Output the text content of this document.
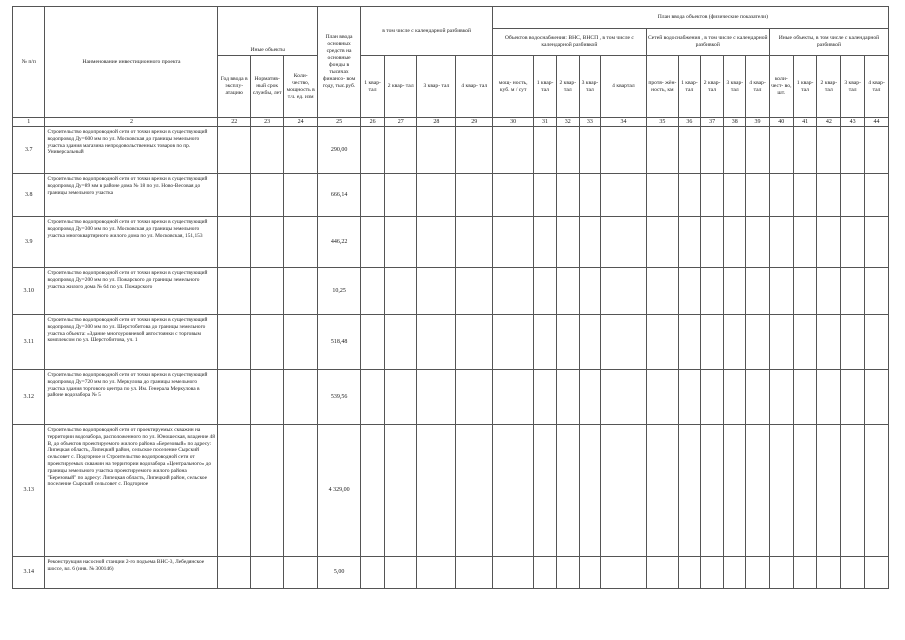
№ п/п	Наименование инвестиционного проекта	Иные объекты			План ввода основных средств на основные фонды в тысячах финансо- вом году, тыс.руб.	в том числе с календарной разбивкой				План ввода объектов (физические показатели)														
										Объектов водоснабжения: ВНС, ВНСП , в том числе с календарной разбивкой					Сетей водоснабжения , в том числе с календарной разбивкой					Иные объекты, в том числе с календарной разбивкой				
		Год ввода в эксплу- атацию	Норматив- ный срок службы, лет	Коли- чество, мощность в т.ч. ед. изм		1 квар- тал	2 квар- тал	3 квар- тал	4 квар- тал	мощ- ность, куб. м / сут	1 квар- тал	2 квар- тал	3 квар- тал	4 квартал	протя- жён- ность, км	1 квар- тал	2 квар- тал	3 квар- тал	4 квар- тал	коли- чест- во, шт.	1 квар- тал	2 квар- тал	3 квар- тал	4 квар- тал
1	2	22	23	24	25	26	27	28	29	30	31	32	33	34	35	36	37	38	39	40	41	42	43	44
3.7	Строительство водопроводной сети от точки врезки в существующий водопровод Ду=600 мм по ул. Московская до границы земельного участка здания магазина непродовольственных товаров по пр. Универсальный				290,00																			
3.8	Строительство водопроводной сети от точки врезки в существующий водопровод Ду=89 мм в районе дома № 18 по ул. Ново-Весовая до границы земельного участка				666,14																			
3.9	Строительство водопроводной сети от точки врезки в существующий водопровод Ду=300 мм по ул. Московская до границы земельного участка многоквартирного жилого дома по ул. Московская, 151,153				446,22																			
3.10	Строительство водопроводной сети от точки врезки в существующий водопровод Ду=200 мм по ул. Пожарского до границы земельного участка жилого дома № 64 по ул. Пожарского				10,25																			
3.11	Строительство водопроводной сети от точки врезки в существующий водопровод Ду=300 мм по ул. Шерстобитова до границы земельного участка объекта: «Здание многоуровневой автостоянки с торговым комплексом по ул. Шерстобитова, уч. 1				518,48																			
3.12	Строительство водопроводной сети от точки врезки в существующий водопровод Ду=720 мм по ул. Меркулова до границы земельного участка здания торгового центра по ул. Им. Генерала Меркулова в районе водозабора № 5				539,56																			
3.13	Строительство водопроводной сети от проектируемых скважин на территории водозабора, расположенного по ул. Юношеская, владение 48 В, до объектов проектируемого жилого района «Березовый» по адресу: Липецкая область, Липецкий район, сельское поселение Сырский сельсовет с. Подгорное и Строительство водопроводной сети от проектируемых скважин на территории водозабора «Центрального» до границы земельного участка проектируемого жилого района "Березовый" по адресу: Липецкая область, Липецкий район, сельское поселение Сырский сельсовет с. Подгорное				4 329,00																			
3.14	Реконструкция насосной станции 2-го подъема ВНС-3, Лебедянское шоссе, вл. 6 (инв. № 300146)				5,00																			
